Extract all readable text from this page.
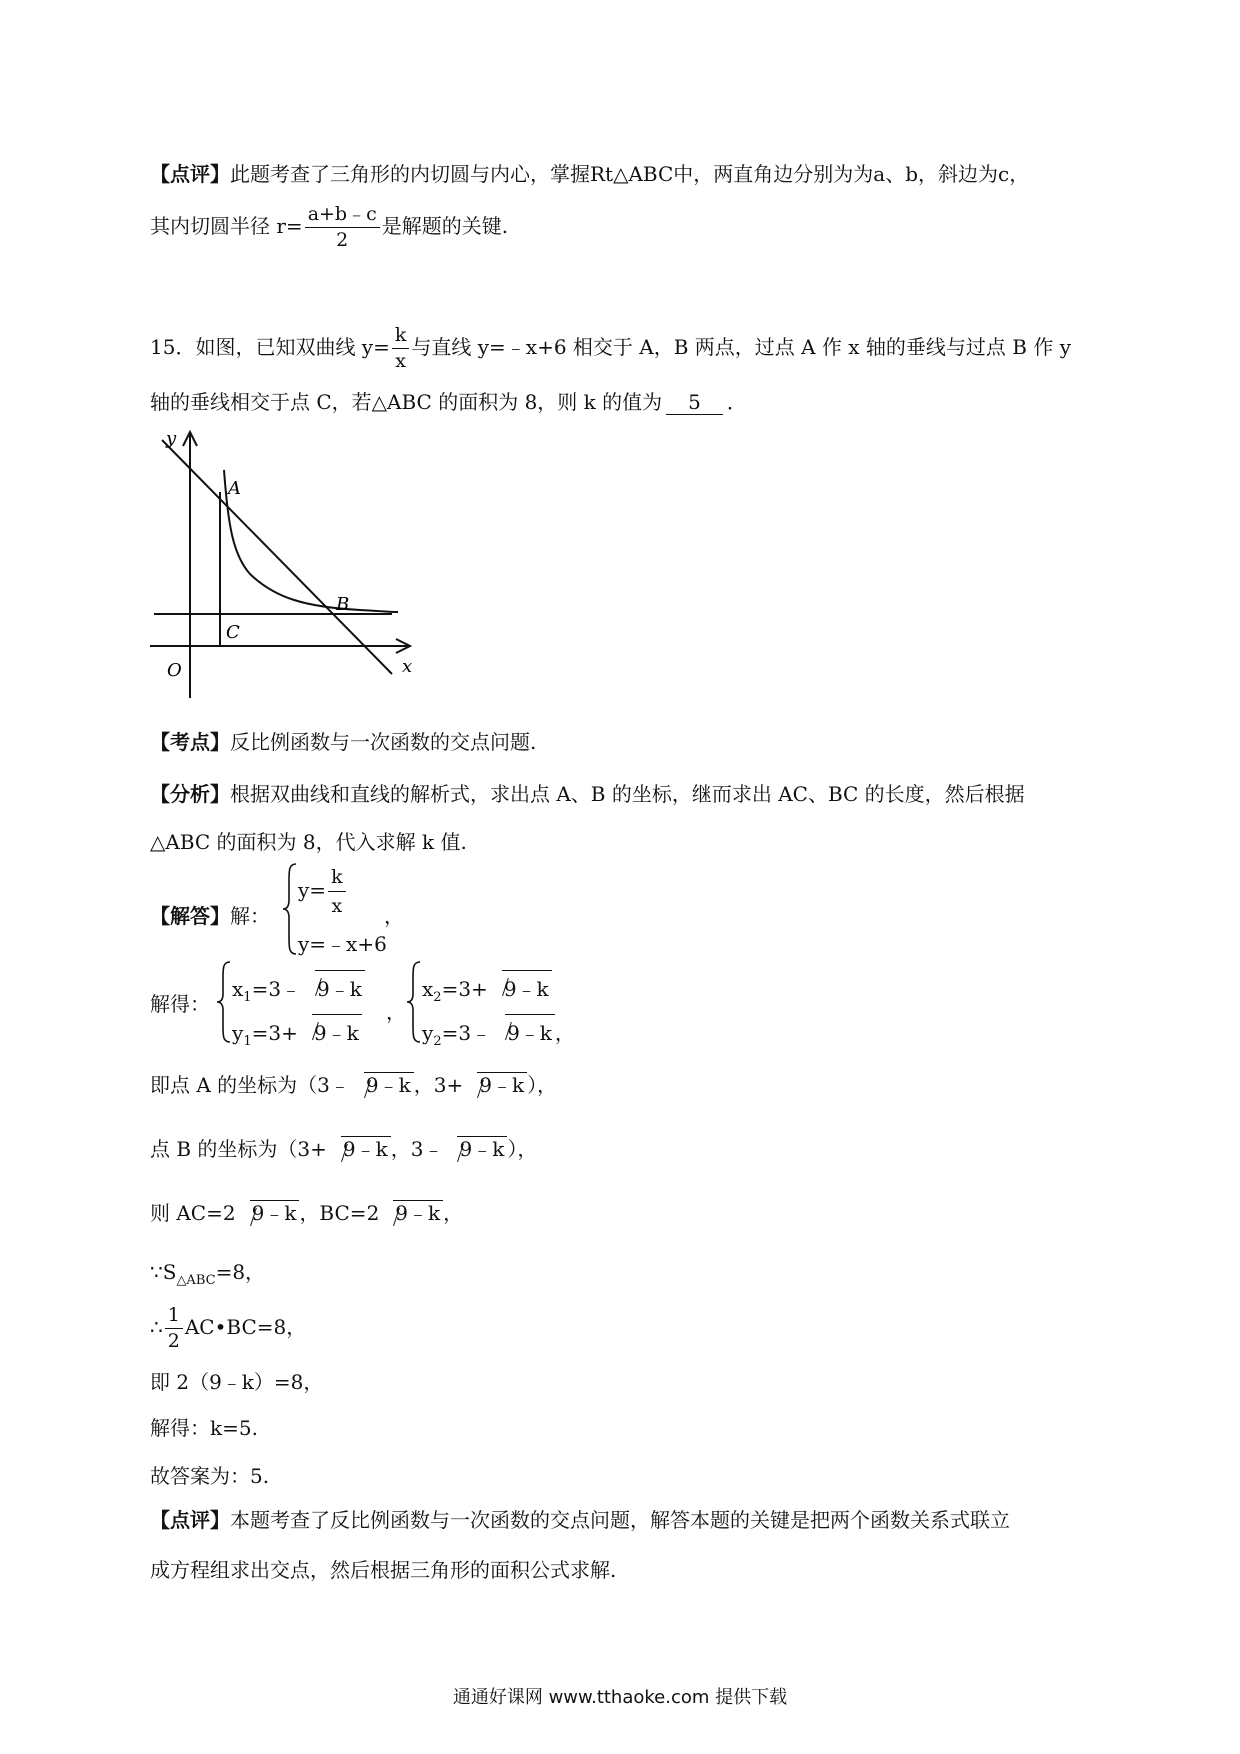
【点评】此题考查了三角形的内切圆与内心，掌握Rt△ABC中，两直角边分别为为a、b，斜边为c，
其内切圆半径 $r= \frac{a+b﹣c}{2}$ 是解题的关键.
15．如图，已知双曲线 $y= \frac{k}{x}$ 与直线 y=﹣x+6 相交于 A，B 两点，过点 A 作 x 轴的垂线与过点 B 作 y
轴的垂线相交于点 C，若△ABC 的面积为 8，则 k 的值为 5 ．
y
x
O
A
B
C
【考点】反比例函数与一次函数的交点问题.
【分析】根据双曲线和直线的解析式，求出点 A、B 的坐标，继而求出 AC、BC 的长度，然后根据
△ABC 的面积为 8，代入求解 k 值.
【解答】解：
$y= \frac{k}{x}$
y=﹣x+6
，
解得：
$x_1=3﹣$ 9﹣k
$y_1=3+$ 9﹣k
，
$x_2=3+$ 9﹣k
$y_2=3﹣$ 9﹣k ，
即点 A 的坐标为（3﹣ 9﹣k ，3+ 9﹣k ），
点 B 的坐标为（3+ 9﹣k ，3﹣ 9﹣k ），
则 AC=2 9﹣k ，BC=2 9﹣k ，
$\because S_{\triangle ABC}=8$，
∴ $\frac{1}{2}$ AC•BC=8，
即 2（9﹣k）=8，
解得：k=5.
故答案为：5.
【点评】本题考查了反比例函数与一次函数的交点问题，解答本题的关键是把两个函数关系式联立
成方程组求出交点，然后根据三角形的面积公式求解.
通通好课网 www.tthaoke.com 提供下载
